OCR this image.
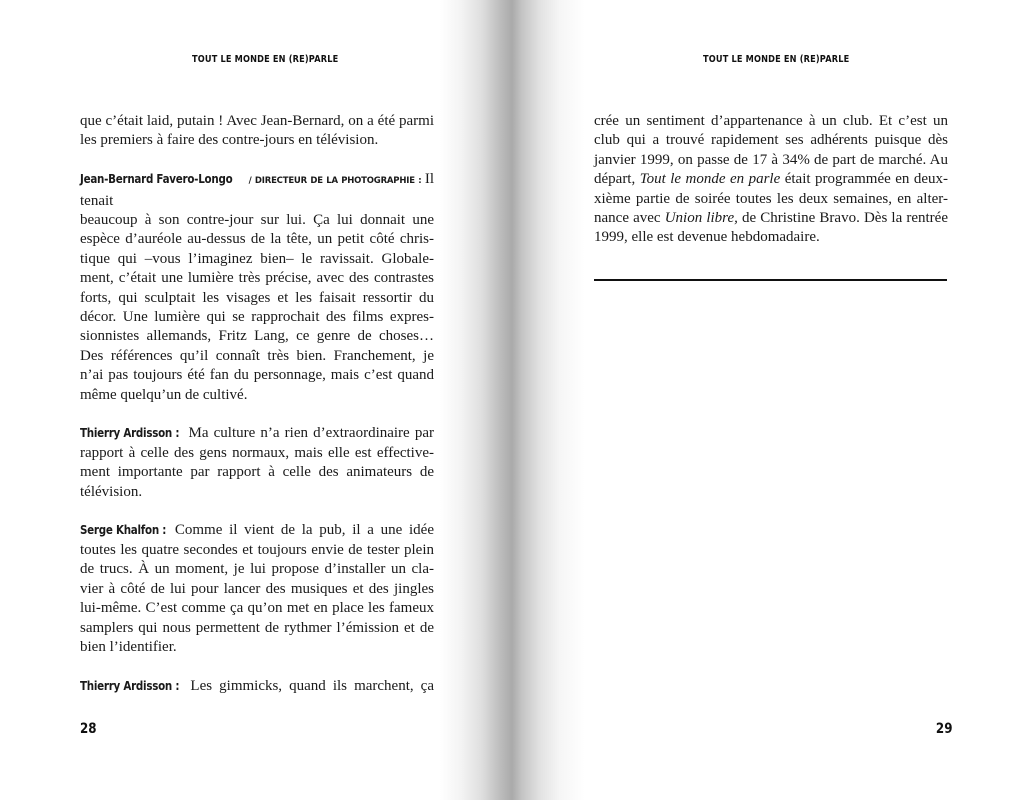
TOUT LE MONDE EN (RE)PARLE

que c’était laid, putain ! Avec Jean-Bernard, on a été parmi
les premiers à faire des contre-jours en télévision.

Jean-Bernard Favero-Longo / DIRECTEUR DE LA PHOTOGRAPHIE : Il tenait
beaucoup à son contre-jour sur lui. Ça lui donnait une
espèce d’auréole au-dessus de la tête, un petit côté chris-
tique qui –vous l’imaginez bien– le ravissait. Globale-
ment, c’était une lumière très précise, avec des contrastes
forts, qui sculptait les visages et les faisait ressortir du
décor. Une lumière qui se rapprochait des films expres-
sionnistes allemands, Fritz Lang, ce genre de choses…
Des références qu’il connaît très bien. Franchement, je
n’ai pas toujours été fan du personnage, mais c’est quand
même quelqu’un de cultivé.

Thierry Ardisson : Ma culture n’a rien d’extraordinaire par
rapport à celle des gens normaux, mais elle est effective-
ment importante par rapport à celle des animateurs de
télévision.

Serge Khalfon : Comme il vient de la pub, il a une idée
toutes les quatre secondes et toujours envie de tester plein
de trucs. À un moment, je lui propose d’installer un cla-
vier à côté de lui pour lancer des musiques et des jingles
lui-même. C’est comme ça qu’on met en place les fameux
samplers qui nous permettent de rythmer l’émission et de
bien l’identifier.

Thierry Ardisson : Les gimmicks, quand ils marchent, ça

28
TOUT LE MONDE EN (RE)PARLE

crée un sentiment d’appartenance à un club. Et c’est un
club qui a trouvé rapidement ses adhérents puisque dès
janvier 1999, on passe de 17 à 34% de part de marché. Au
départ, Tout le monde en parle était programmée en deux-
xième partie de soirée toutes les deux semaines, en alter-
nance avec Union libre, de Christine Bravo. Dès la rentrée
1999, elle est devenue hebdomadaire.

29
